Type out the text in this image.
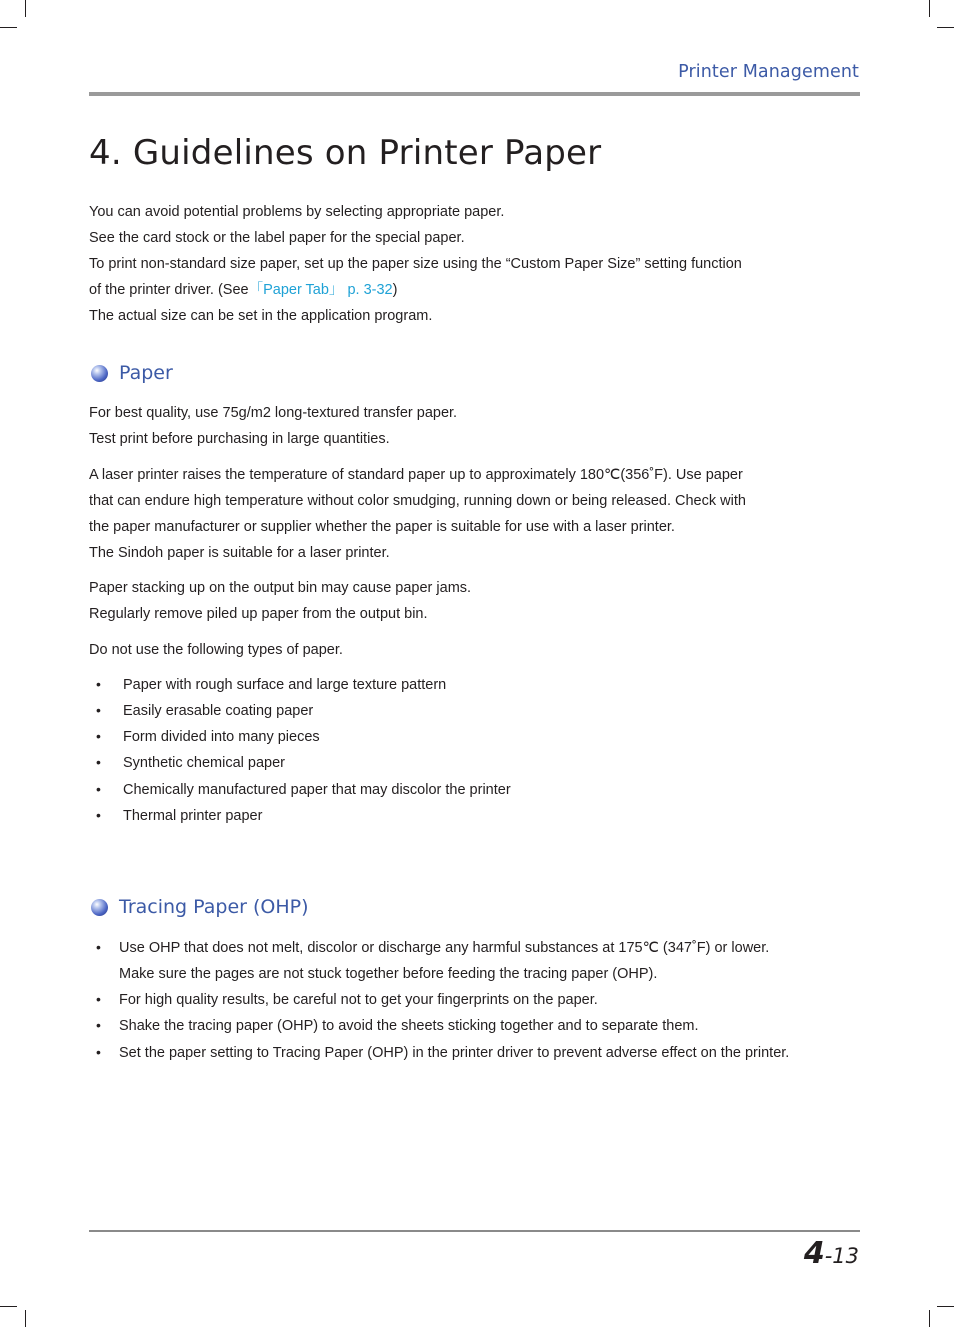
Printer Management
4. Guidelines on Printer Paper
You can avoid potential problems by selecting appropriate paper.
See the card stock or the label paper for the special paper.
To print non-standard size paper, set up the paper size using the “Custom Paper Size” setting function
of the printer driver. (See「Paper Tab」 p. 3-32)
The actual size can be set in the application program.
Paper
For best quality, use 75g/m2 long-textured transfer paper.
Test print before purchasing in large quantities.
A laser printer raises the temperature of standard paper up to approximately 180℃(356˚F). Use paper
that can endure high temperature without color smudging, running down or being released. Check with
the paper manufacturer or supplier whether the paper is suitable for use with a laser printer.
The Sindoh paper is suitable for a laser printer.
Paper stacking up on the output bin may cause paper jams.
Regularly remove piled up paper from the output bin.
Do not use the following types of paper.
• Paper with rough surface and large texture pattern
• Easily erasable coating paper
• Form divided into many pieces
• Synthetic chemical paper
• Chemically manufactured paper that may discolor the printer
• Thermal printer paper
Tracing Paper (OHP)
• Use OHP that does not melt, discolor or discharge any harmful substances at 175℃ (347˚F) or lower.
Make sure the pages are not stuck together before feeding the tracing paper (OHP).
• For high quality results, be careful not to get your fingerprints on the paper.
• Shake the tracing paper (OHP) to avoid the sheets sticking together and to separate them.
• Set the paper setting to Tracing Paper (OHP) in the printer driver to prevent adverse effect on the printer.
4-13
